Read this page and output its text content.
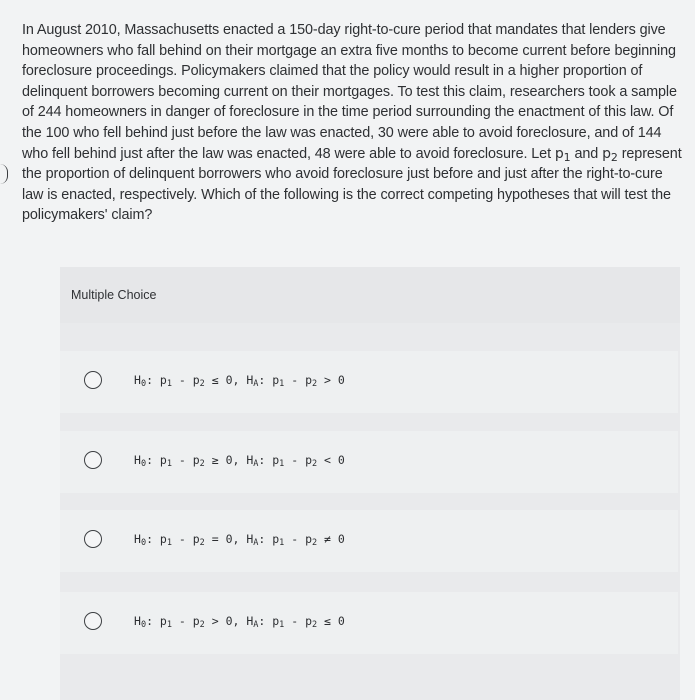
In August 2010, Massachusetts enacted a 150-day right-to-cure period that mandates that lenders give homeowners who fall behind on their mortgage an extra five months to become current before beginning foreclosure proceedings. Policymakers claimed that the policy would result in a higher proportion of delinquent borrowers becoming current on their mortgages. To test this claim, researchers took a sample of 244 homeowners in danger of foreclosure in the time period surrounding the enactment of this law. Of the 100 who fell behind just before the law was enacted, 30 were able to avoid foreclosure, and of 144 who fell behind just after the law was enacted, 48 were able to avoid foreclosure. Let $p_1$ and $p_2$ represent the proportion of delinquent borrowers who avoid foreclosure just before and just after the right-to-cure law is enacted, respectively. Which of the following is the correct competing hypotheses that will test the policymakers' claim?
Multiple Choice
$H_0$: $p_1 - p_2 \le 0$, $H_A$: $p_1 - p_2 > 0$
$H_0$: $p_1 - p_2 \ge 0$, $H_A$: $p_1 - p_2 < 0$
$H_0$: $p_1 - p_2 = 0$, $H_A$: $p_1 - p_2 \ne 0$
$H_0$: $p_1 - p_2 > 0$, $H_A$: $p_1 - p_2 \le 0$
